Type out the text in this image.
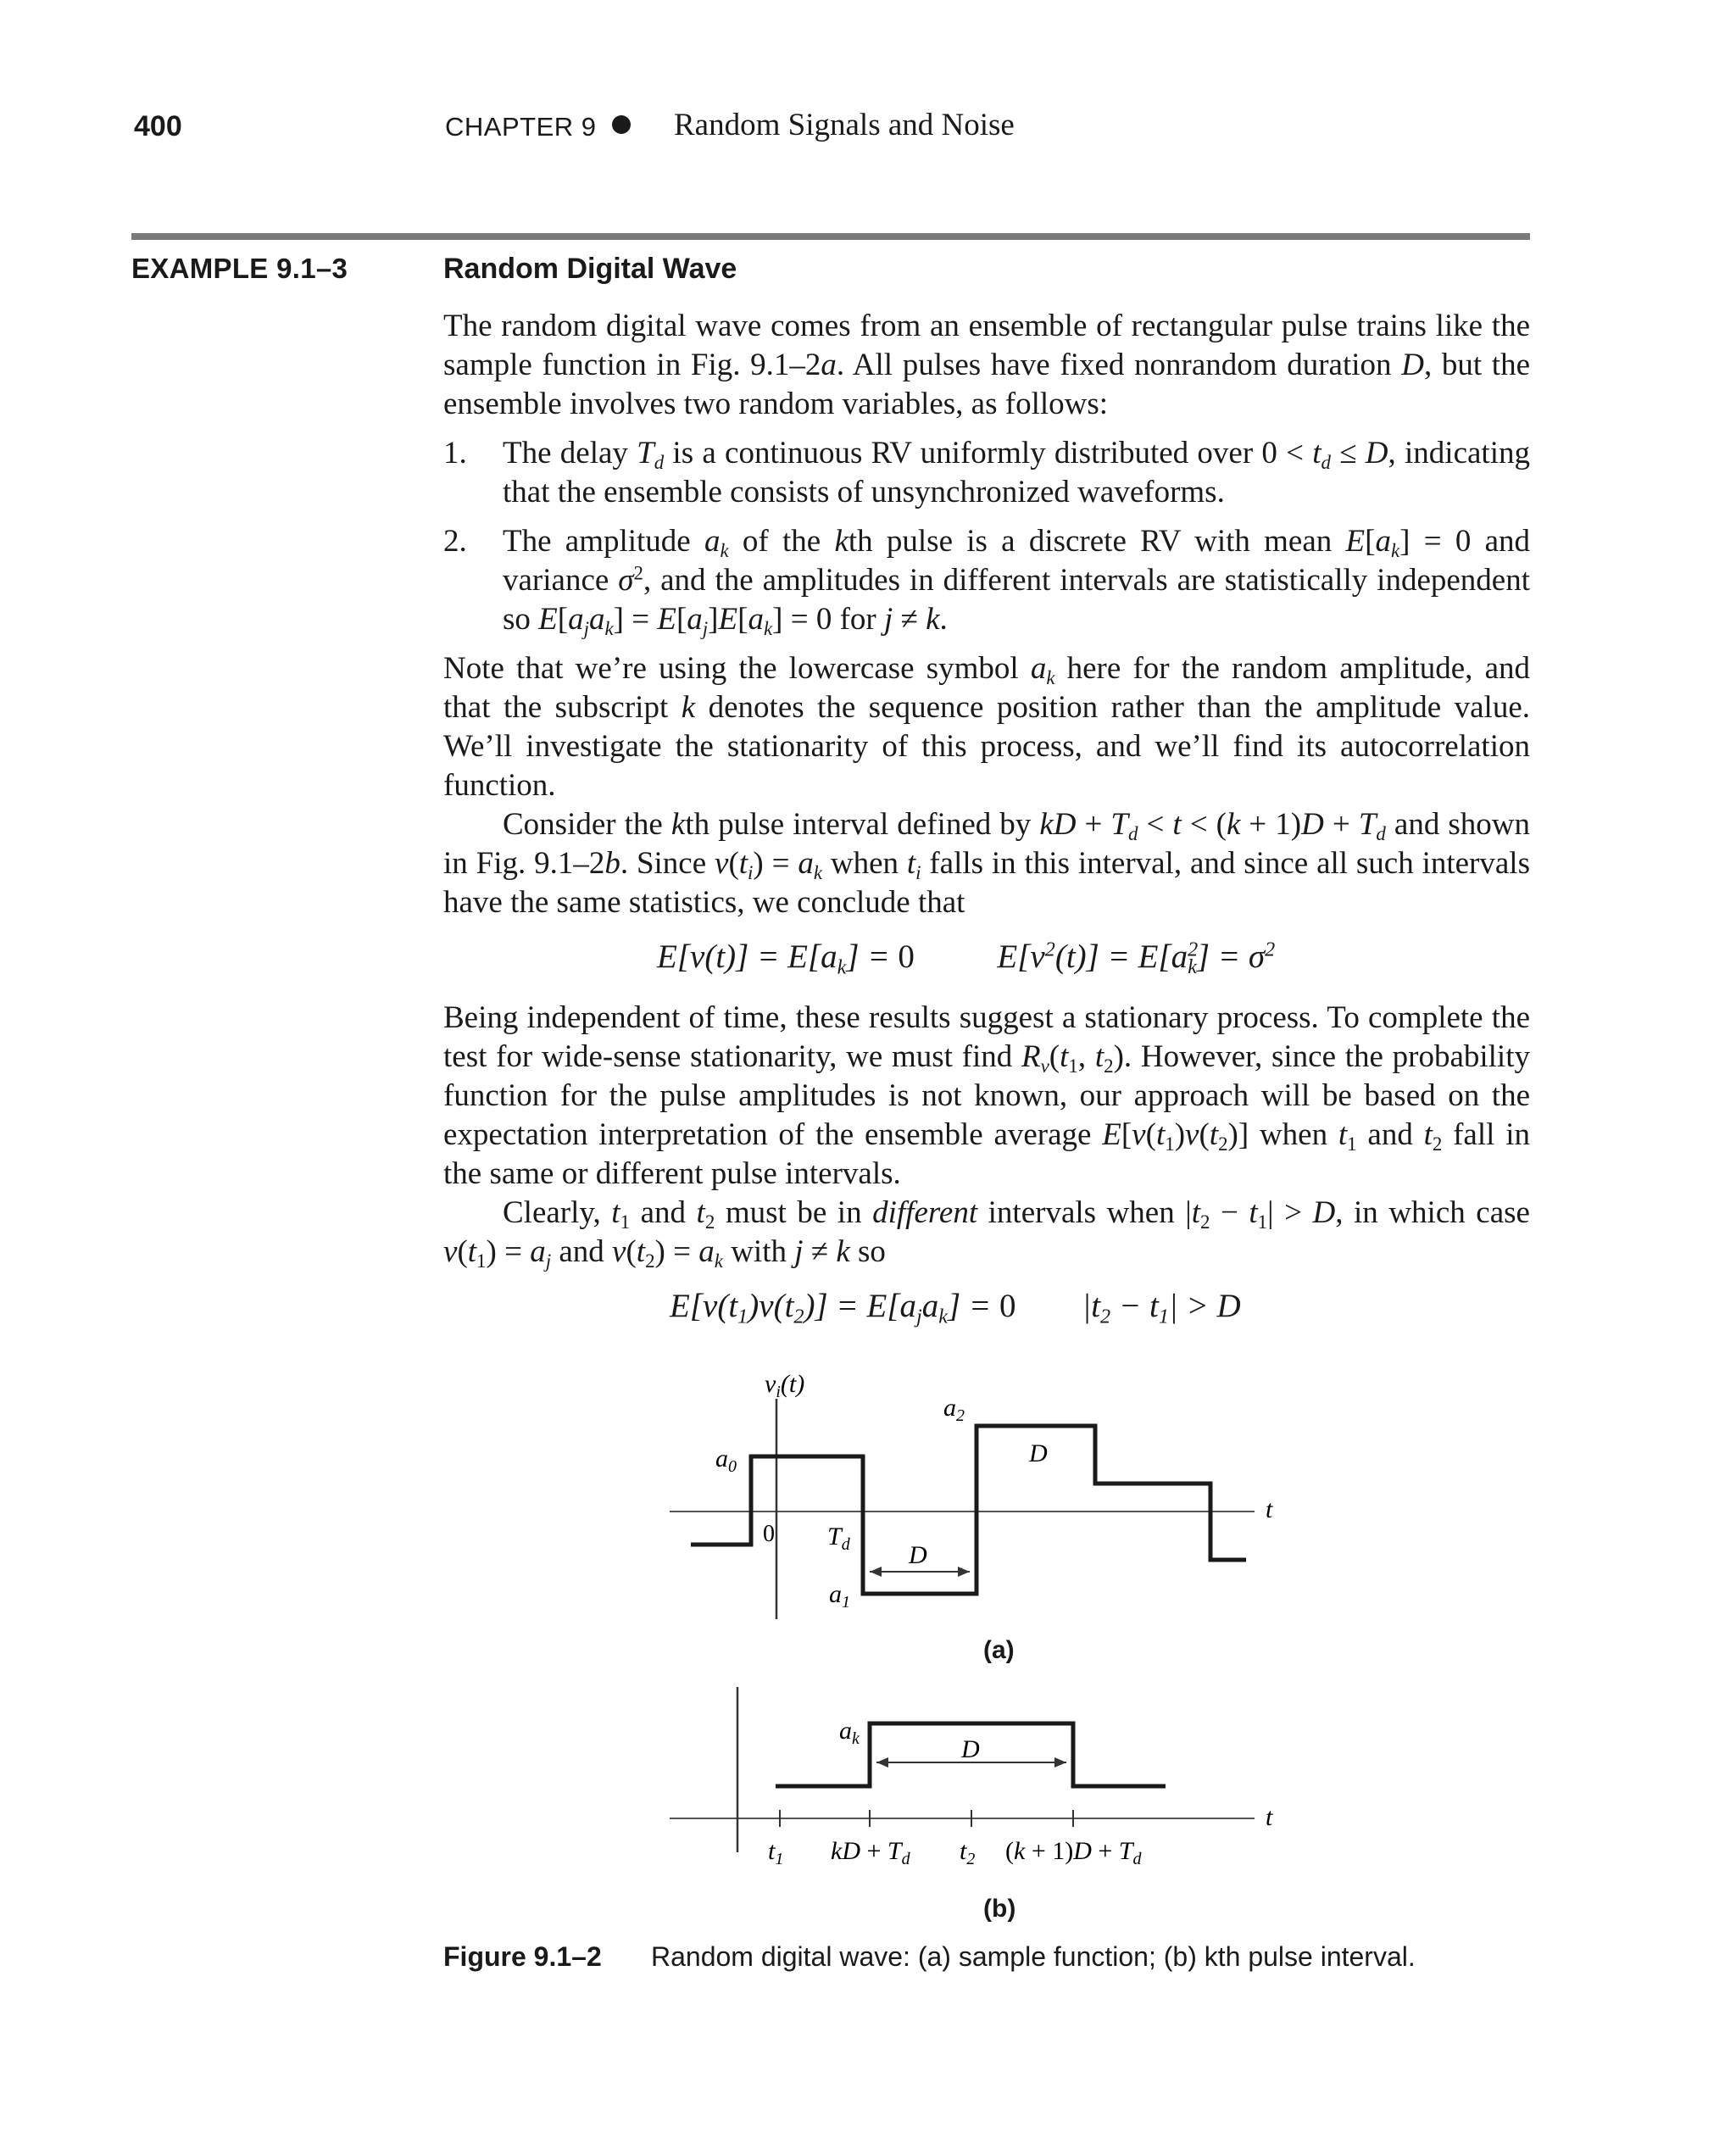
400	CHAPTER 9 Random Signals and Noise
EXAMPLE 9.1–3	Random Digital Wave
The random digital wave comes from an ensemble of rectangular pulse trains like the sample function in Fig. 9.1–2a. All pulses have fixed nonrandom duration D, but the ensemble involves two random variables, as follows:
1. The delay $T_d$ is a continuous RV uniformly distributed over $0 < t_d \le D$, indicating that the ensemble consists of unsynchronized waveforms.
2. The amplitude $a_k$ of the kth pulse is a discrete RV with mean $E[a_k] = 0$ and variance $\sigma^2$, and the amplitudes in different intervals are statistically independent so $E[a_ja_k] = E[a_j]E[a_k] = 0$ for j ≠ k.
Note that we’re using the lowercase symbol $a_k$ here for the random amplitude, and that the subscript k denotes the sequence position rather than the amplitude value. We’ll investigate the stationarity of this process, and we’ll find its autocorrelation function.
Consider the kth pulse interval defined by kD + $T_d < t < (k + 1)D + T_d$ and shown in Fig. 9.1–2b. Since $v(t_i) = a_k$ when $t_i$ falls in this interval, and since all such intervals have the same statistics, we conclude that
$E[v(t)] = E[a_k] = 0$	$E[v^2(t)] = E[a^2_k] = \sigma^2$
Being independent of time, these results suggest a stationary process. To complete the test for wide-sense stationarity, we must find $R_v(t_1$, $t_2$). However, since the probability function for the pulse amplitudes is not known, our approach will be based on the expectation interpretation of the ensemble average $E[v(t_1)v(t_2)]$ when $t_1$ and $t_2$ fall in the same or different pulse intervals.
Clearly, $t_1$ and $t_2$ must be in different intervals when $|t_2 - t_1| > D$, in which case $v(t_1) = a_j$ and $v(t_2) = a_k$ with j ≠ k so
$E[v(t_1)v(t_2)] = E[a_ja_k] = 0$        $|t_2 - t_1| > D$
$v_i(t)$
$a_0$
0 $T_d$
$a_1$
D
$a_2$
D
t
(a)
$a_k$	D
$t_1$ kD + $T_d$ $t_2$ $(k + 1)D + T_d$
t
(b)
Figure 9.1–2 Random digital wave: (a) sample function; (b) kth pulse interval.
